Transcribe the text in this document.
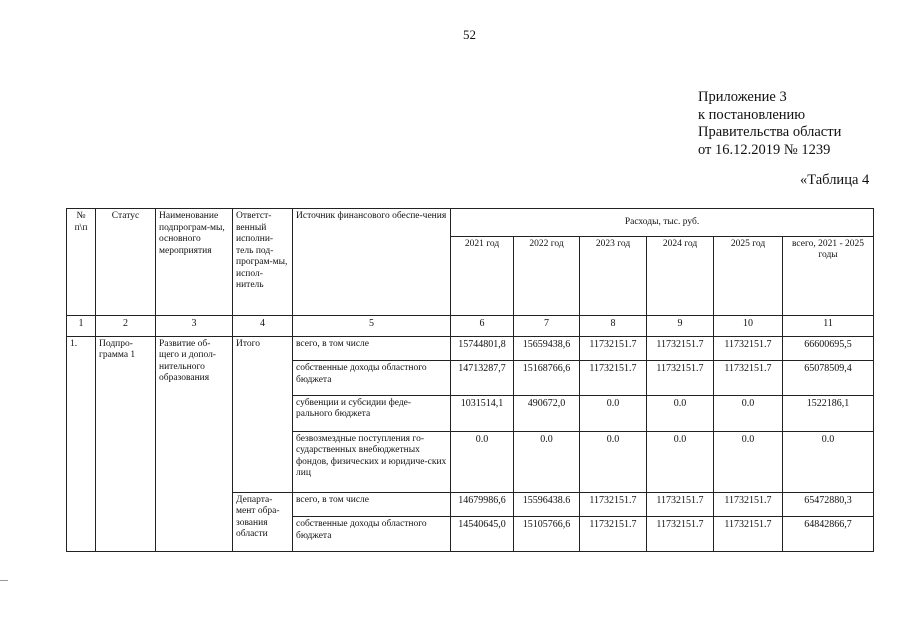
52
Приложение 3
к постановлению
Правительства области
от 16.12.2019 № 1239
«Таблица 4
№ п\п	Статус	Наименование подпрограм-мы, основного мероприятия	Ответст-венный исполни-тель под-програм-мы, испол-нитель	Источник финансового обеспе-чения	Расходы, тыс. руб.					
					2021 год	2022 год	2023 год	2024 год	2025 год	всего, 2021 - 2025 годы
1	2	3	4	5	6	7	8	9	10	11
1.	Подпро-грамма 1	Развитие об-щего и допол-нительного образования	Итого	всего, в том числе	15744801,8	15659438,6	11732151.7	11732151.7	11732151.7	66600695,5
				собственные доходы областного бюджета	14713287,7	15168766,6	11732151.7	11732151.7	11732151.7	65078509,4
				субвенции и субсидии феде-рального бюджета	1031514,1	490672,0	0.0	0.0	0.0	1522186,1
				безвозмездные поступления го-сударственных внебюджетных фондов, физических и юридиче-ских лиц	0.0	0.0	0.0	0.0	0.0	0.0
			Департа-мент обра-зования области	всего, в том числе	14679986,6	15596438.6	11732151.7	11732151.7	11732151.7	65472880,3
				собственные доходы областного бюджета	14540645,0	15105766,6	11732151.7	11732151.7	11732151.7	64842866,7
